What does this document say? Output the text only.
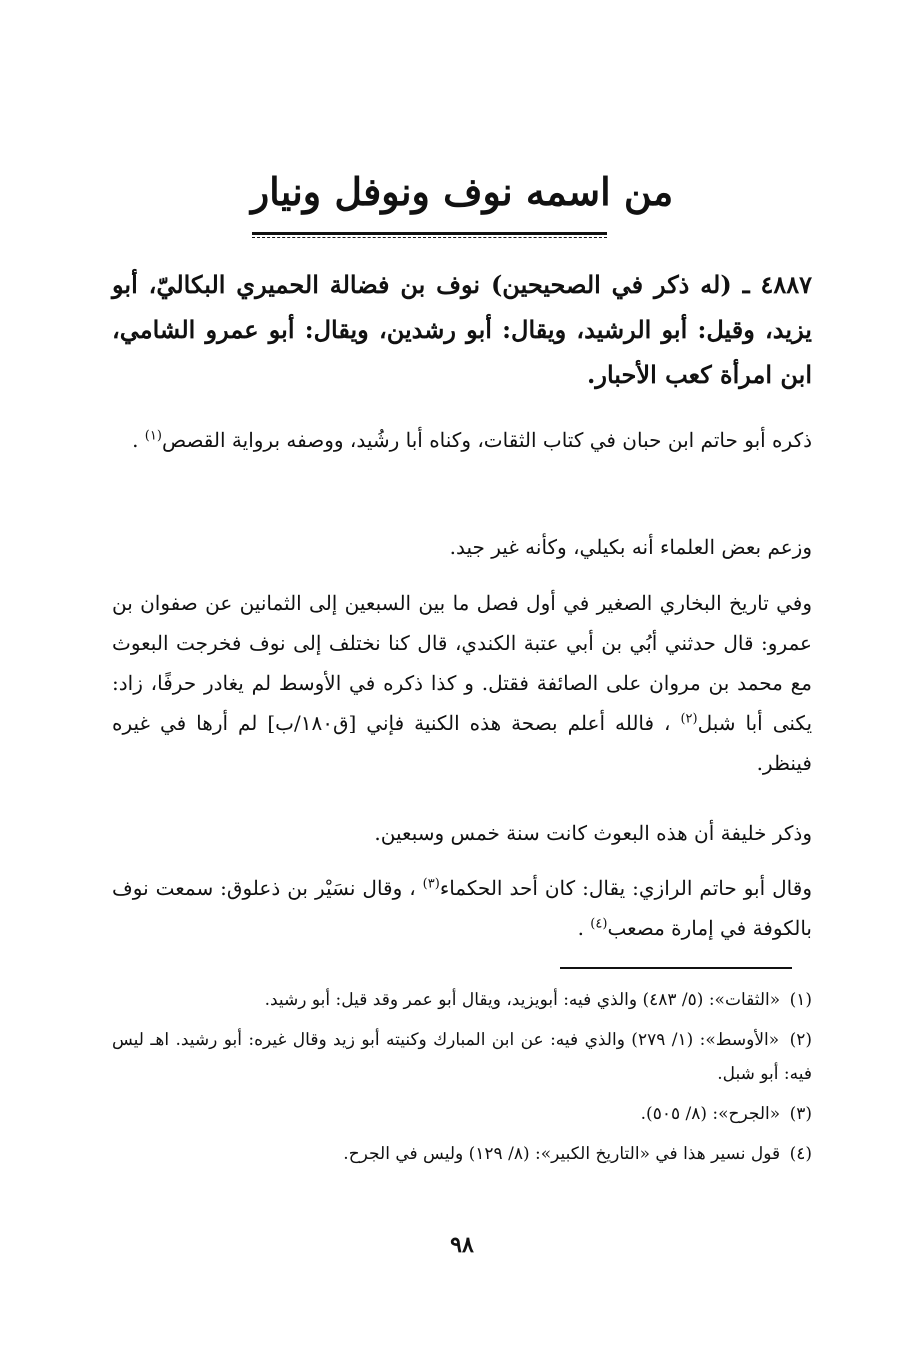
من اسمه نوف ونوفل ونيار
٤٨٨٧ ـ (له ذكر في الصحيحين) نوف بن فضالة الحميري البكاليّ، أبو يزيد، وقيل: أبو الرشيد، ويقال: أبو رشدين، ويقال: أبو عمرو الشامي، ابن امرأة كعب الأحبار.
ذكره أبو حاتم ابن حبان في كتاب الثقات، وكناه أبا رشُيد، ووصفه برواية القصص$^{(١)}$ .
وزعم بعض العلماء أنه بكيلي، وكأنه غير جيد.
وفي تاريخ البخاري الصغير في أول فصل ما بين السبعين إلى الثمانين عن صفوان بن عمرو: قال حدثني أبُي بن أبي عتبة الكندي، قال كنا نختلف إلى نوف فخرجت البعوث مع محمد بن مروان على الصائفة فقتل. و كذا ذكره في الأوسط لم يغادر حرفًا، زاد: يكنى أبا شبل$^{(٢)}$ ، فالله أعلم بصحة هذه الكنية فإني [ق١٨٠/ب] لم أرها في غيره فينظر.
وذكر خليفة أن هذه البعوث كانت سنة خمس وسبعين.
وقال أبو حاتم الرازي: يقال: كان أحد الحكماء$^{(٣)}$ ، وقال نسَيْر بن ذعلوق: سمعت نوف بالكوفة في إمارة مصعب$^{(٤)}$ .

(١) «الثقات»: (٥/ ٤٨٣) والذي فيه: أبويزيد، ويقال أبو عمر وقد قيل: أبو رشيد.

(٢) «الأوسط»: (١/ ٢٧٩) والذي فيه: عن ابن المبارك وكنيته أبو زيد وقال غيره: أبو رشيد. اهـ ليس فيه: أبو شبل.

(٣) «الجرح»: (٨/ ٥٠٥).

(٤) قول نسير هذا في «التاريخ الكبير»: (٨/ ١٢٩) وليس في الجرح.

٩٨
